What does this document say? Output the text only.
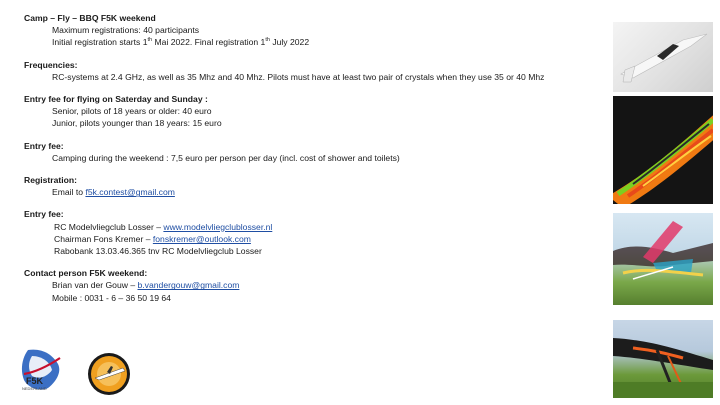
Camp – Fly – BBQ F5K weekend
Maximum registrations: 40 participants
Initial registration starts 1th Mai 2022. Final registration 1th July 2022
Frequencies:
RC-systems at 2.4 GHz, as well as 35 Mhz and 40 Mhz. Pilots must have at least two pair of crystals when they use 35 or 40 Mhz
Entry fee for flying on Saterday and Sunday :
Senior, pilots of 18 years or older: 40 euro
Junior, pilots younger than 18 years: 15 euro
Entry fee:
Camping during the weekend : 7,5 euro per person per day (incl. cost of shower and toilets)
Registration:
Email to f5k.contest@gmail.com
Entry fee:
RC Modelvliegclub Losser – www.modelvliegclublosser.nl
Chairman Fons Kremer – fonskremer@outlook.com
Rabobank 13.03.46.365 tnv RC Modelvliegclub Losser
Contact person F5K weekend:
Brian van der Gouw – b.vandergouw@gmail.com
Mobile : 0031 - 6 – 36 50 19 64
F5K
NEDERLAND
